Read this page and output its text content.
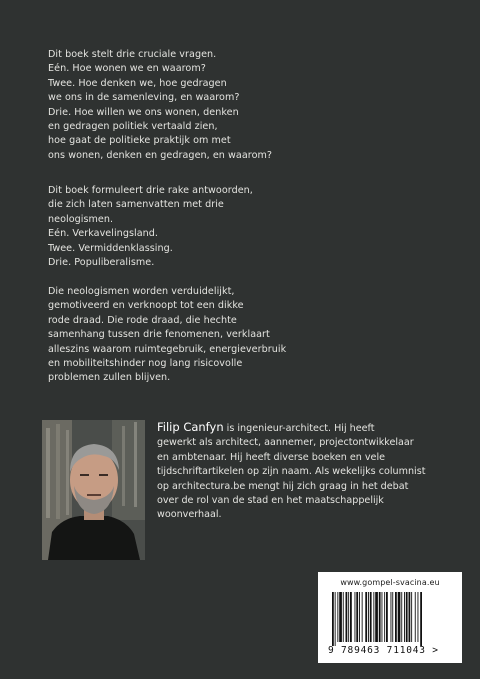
Dit boek stelt drie cruciale vragen.
Eén. Hoe wonen we en waarom?
Twee. Hoe denken we, hoe gedragen
we ons in de samenleving, en waarom?
Drie. Hoe willen we ons wonen, denken
en gedragen politiek vertaald zien,
hoe gaat de politieke praktijk om met
ons wonen, denken en gedragen, en waarom?
Dit boek formuleert drie rake antwoorden,
die zich laten samenvatten met drie
neologismen.
Eén. Verkavelingsland.
Twee. Vermiddenklassing.
Drie. Populiberalisme.
Die neologismen worden verduidelijkt,
gemotiveerd en verknoopt tot een dikke
rode draad. Die rode draad, die hechte
samenhang tussen drie fenomenen, verklaart
alleszins waarom ruimtegebruik, energieverbruik
en mobiliteitshinder nog lang risicovolle
problemen zullen blijven.
Filip Canfyn is ingenieur-architect. Hij heeft
gewerkt als architect, aannemer, projectontwikkelaar
en ambtenaar. Hij heeft diverse boeken en vele
tijdschriftartikelen op zijn naam. Als wekelijks columnist
op architectura.be mengt hij zich graag in het debat
over de rol van de stad en het maatschappelijk
woonverhaal.
www.gompel-svacina.eu
9 789463 711043 >
